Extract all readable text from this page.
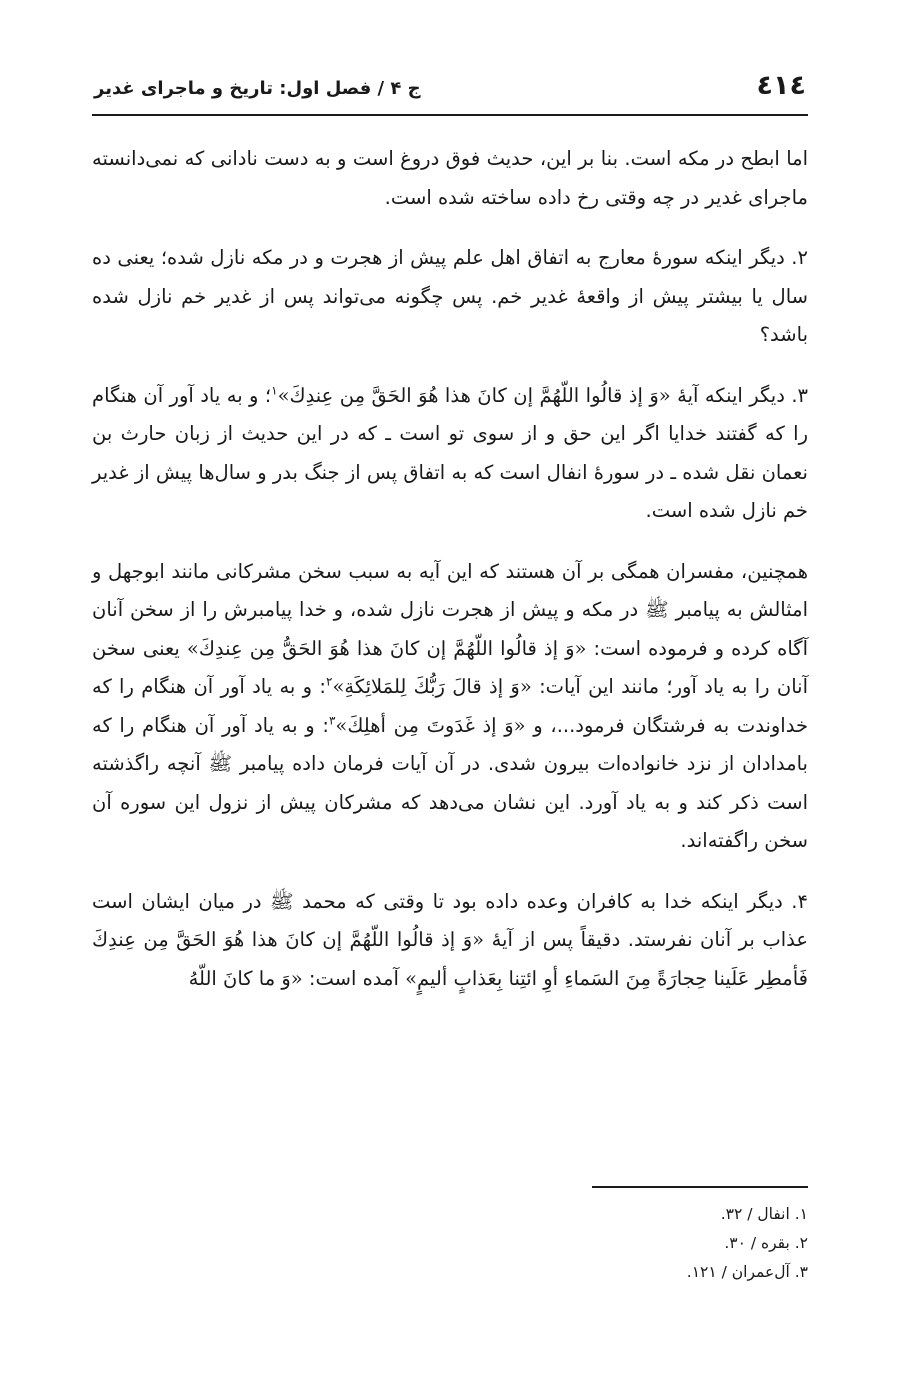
٤١٤
ج ۴ / فصل اول: تاریخ و ماجرای غدیر

اما ابطح در مکه است. بنا بر این، حدیث فوق دروغ است و به دست نادانی که نمی‌دانسته ماجرای غدیر در چه وقتی رخ داده ساخته شده است.

۲. دیگر اینکه سورهٔ معارج به اتفاق اهل علم پیش از هجرت و در مکه نازل شده؛ یعنی ده سال یا بیشتر پیش از واقعهٔ غدیر خم. پس چگونه می‌تواند پس از غدیر خم نازل شده باشد؟

۳. دیگر اینکه آیهٔ «وَ إذ قالُوا اللّهُمَّ إن کانَ هذا هُوَ الحَقَّ مِن عِندِكَ»$^۱$؛ و به یاد آور آن هنگام را که گفتند خدایا اگر این حق و از سوی تو است ـ که در این حدیث از زبان حارث بن نعمان نقل شده ـ در سورهٔ انفال است که به اتفاق پس از جنگ بدر و سال‌ها پیش از غدیر خم نازل شده است.

همچنین، مفسران همگی بر آن هستند که این آیه به سبب سخن مشرکانی مانند ابوجهل و امثالش به پیامبر ﷺ در مکه و پیش از هجرت نازل شده، و خدا پیامبرش را از سخن آنان آگاه کرده و فرموده است: «وَ إذ قالُوا اللّهُمَّ إن کانَ هذا هُوَ الحَقُّ مِن عِندِكَ» یعنی سخن آنان را به یاد آور؛ مانند این آیات: «وَ إذ قالَ رَبُّكَ لِلمَلائِكَةِ»$^۲$: و به یاد آور آن هنگام را که خداوندت به فرشتگان فرمود...، و «وَ إذ غَدَوتَ مِن أهلِكَ»$^۳$: و به یاد آور آن هنگام را که بامدادان از نزد خانواده‌ات بیرون شدی. در آن آیات فرمان داده پیامبر ﷺ آنچه راگذشته است ذکر کند و به یاد آورد. این نشان می‌دهد که مشرکان پیش از نزول این سوره آن سخن راگفته‌اند.

۴. دیگر اینکه خدا به کافران وعده داده بود تا وقتی که محمد ﷺ در میان ایشان است عذاب بر آنان نفرستد. دقیقاً پس از آیهٔ «وَ إذ قالُوا اللّهُمَّ إن کانَ هذا هُوَ الحَقَّ مِن عِندِكَ فَأمطِر عَلَینا حِجارَةً مِنَ السَماءِ أوِ ائتِنا بِعَذابٍ ألیمٍ» آمده است: «وَ ما کانَ اللّهُ

۱. انفال / ۳۲.
۲. بقره / ۳۰.
۳. آل‌عمران / ۱۲۱.
